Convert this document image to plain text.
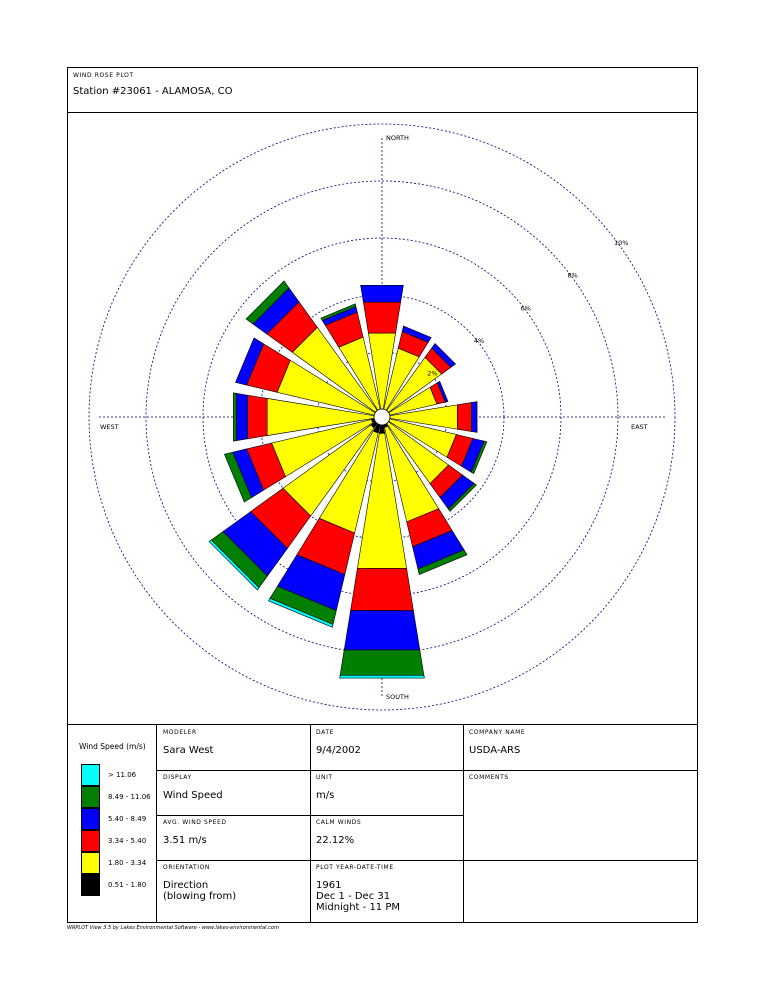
WIND ROSE PLOT
Station #23061 - ALAMOSA, CO
2%
4%
6%
8%
10%
NORTH
SOUTH
EAST
WEST
Wind Speed (m/s)
> 11.06
8.49 - 11.06
5.40 - 8.49
3.34 - 5.40
1.80 - 3.34
0.51 - 1.80
MODELER
Sara West
DATE
9/4/2002
COMPANY NAME
USDA-ARS
DISPLAY
Wind Speed
UNIT
m/s
COMMENTS
AVG. WIND SPEED
3.51 m/s
CALM WINDS
22.12%
ORIENTATION
Direction
(blowing from)
PLOT YEAR-DATE-TIME
1961
Dec 1 - Dec 31
Midnight - 11 PM
WRPLOT View 3.5 by Lakes Environmental Software - www.lakes-environmental.com
